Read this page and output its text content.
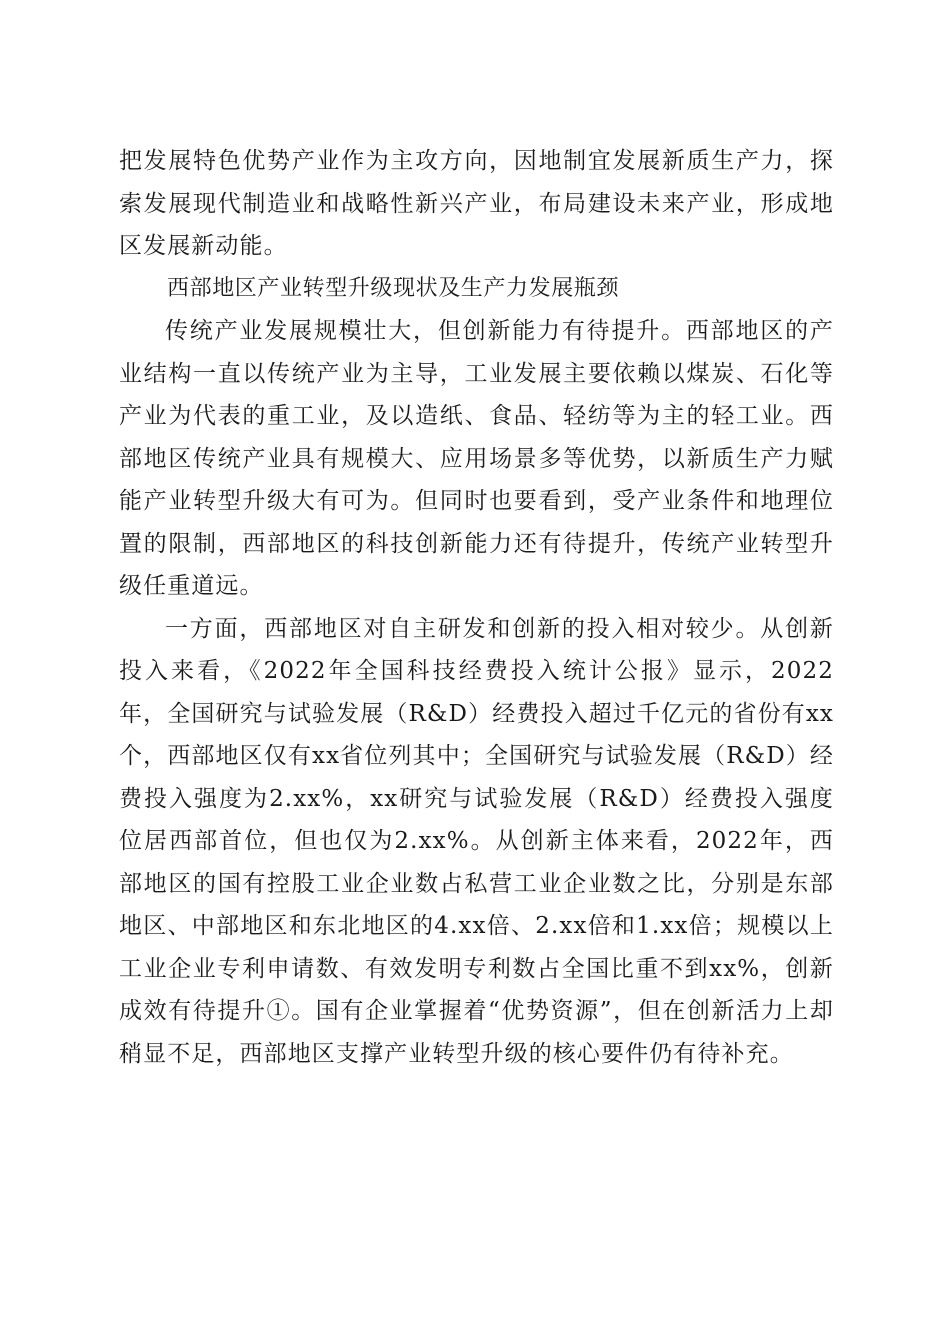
把发展特色优势产业作为主攻方向，因地制宜发展新质生产力，探索发展现代制造业和战略性新兴产业，布局建设未来产业，形成地区发展新动能。

西部地区产业转型升级现状及生产力发展瓶颈

传统产业发展规模壮大，但创新能力有待提升。西部地区的产业结构一直以传统产业为主导，工业发展主要依赖以煤炭、石化等产业为代表的重工业，及以造纸、食品、轻纺等为主的轻工业。西部地区传统产业具有规模大、应用场景多等优势，以新质生产力赋能产业转型升级大有可为。但同时也要看到，受产业条件和地理位置的限制，西部地区的科技创新能力还有待提升，传统产业转型升级任重道远。

一方面，西部地区对自主研发和创新的投入相对较少。从创新投入来看，《2022年全国科技经费投入统计公报》显示，2022年，全国研究与试验发展（R&D）经费投入超过千亿元的省份有xx个，西部地区仅有xx省位列其中；全国研究与试验发展（R&D）经费投入强度为2.xx%，xx研究与试验发展（R&D）经费投入强度位居西部首位，但也仅为2.xx%。从创新主体来看，2022年，西部地区的国有控股工业企业数占私营工业企业数之比，分别是东部地区、中部地区和东北地区的4.xx倍、2.xx倍和1.xx倍；规模以上工业企业专利申请数、有效发明专利数占全国比重不到xx%，创新成效有待提升①。国有企业掌握着“优势资源”，但在创新活力上却稍显不足，西部地区支撑产业转型升级的核心要件仍有待补充。
